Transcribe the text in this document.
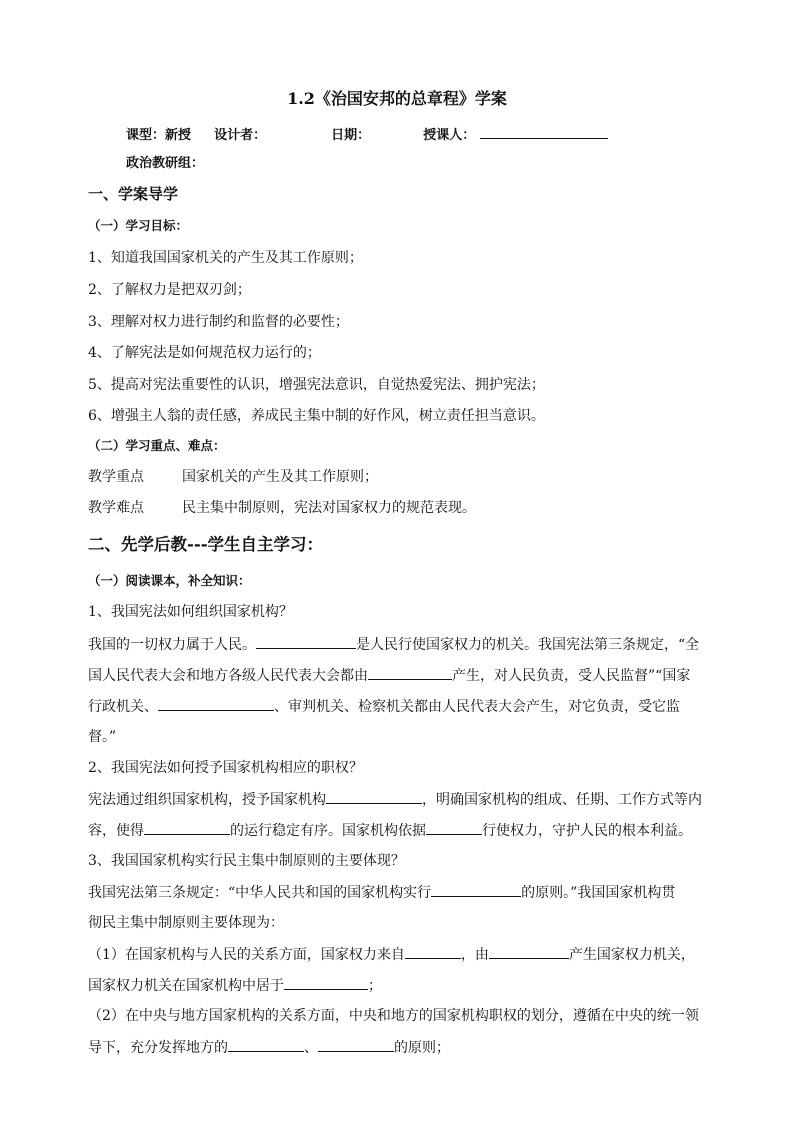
1.2《治国安邦的总章程》学案
课型：新授 设计者：	日期：	授课人：
政治教研组：
一、学案导学
（一）学习目标：
1、知道我国国家机关的产生及其工作原则；
2、了解权力是把双刃剑；
3、理解对权力进行制约和监督的必要性；
4、了解宪法是如何规范权力运行的；
5、提高对宪法重要性的认识，增强宪法意识，自觉热爱宪法、拥护宪法；
6、增强主人翁的责任感，养成民主集中制的好作风，树立责任担当意识。
（二）学习重点、难点：
教学重点	国家机关的产生及其工作原则；
教学难点	民主集中制原则，宪法对国家权力的规范表现。
二、先学后教---学生自主学习：
（一）阅读课本，补全知识：
1、我国宪法如何组织国家机构？
我国的一切权力属于人民。	是人民行使国家权力的机关。我国宪法第三条规定，“全
国人民代表大会和地方各级人民代表大会都由	产生，对人民负责，受人民监督”“国家
行政机关、	、审判机关、检察机关都由人民代表大会产生，对它负责，受它监
督。”
2、我国宪法如何授予国家机构相应的职权？
宪法通过组织国家机构，授予国家机构	，明确国家机构的组成、任期、工作方式等内
容，使得	的运行稳定有序。国家机构依据	行使权力，守护人民的根本利益。
3、我国国家机构实行民主集中制原则的主要体现？
我国宪法第三条规定：“中华人民共和国的国家机构实行	的原则。”我国国家机构贯
彻民主集中制原则主要体现为：
（1）在国家机构与人民的关系方面，国家权力来自	，由	产生国家权力机关，
国家权力机关在国家机构中居于	；
（2）在中央与地方国家机构的关系方面，中央和地方的国家机构职权的划分，遵循在中央的统一领
导下，充分发挥地方的	、	的原则；
